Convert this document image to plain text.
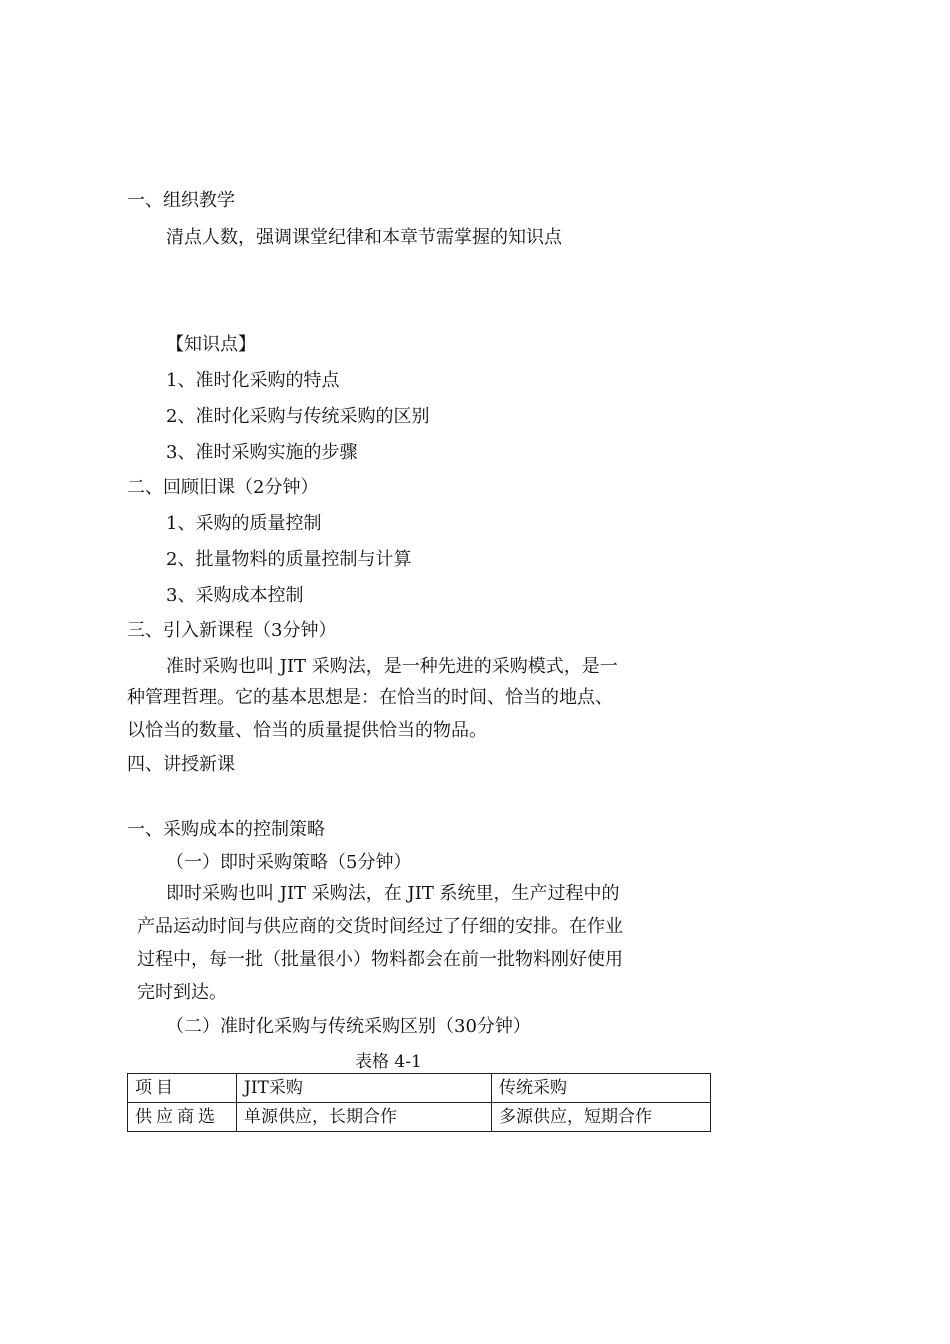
一、组织教学
清点人数，强调课堂纪律和本章节需掌握的知识点
【知识点】
1、准时化采购的特点
2、准时化采购与传统采购的区别
3、准时采购实施的步骤
二、回顾旧课（2分钟）
1、采购的质量控制
2、批量物料的质量控制与计算
3、采购成本控制
三、引入新课程（3分钟）
准时采购也叫 JIT 采购法，是一种先进的采购模式，是一
种管理哲理。它的基本思想是：在恰当的时间、恰当的地点、
以恰当的数量、恰当的质量提供恰当的物品。
四、讲授新课
一、采购成本的控制策略
（一）即时采购策略（5分钟）
即时采购也叫 JIT 采购法，在 JIT 系统里，生产过程中的
产品运动时间与供应商的交货时间经过了仔细的安排。在作业
过程中，每一批（批量很小）物料都会在前一批物料刚好使用
完时到达。
（二）准时化采购与传统采购区别（30分钟）
表格 4-1
项目	JIT采购	传统采购
供应商选	单源供应，长期合作	多源供应，短期合作
